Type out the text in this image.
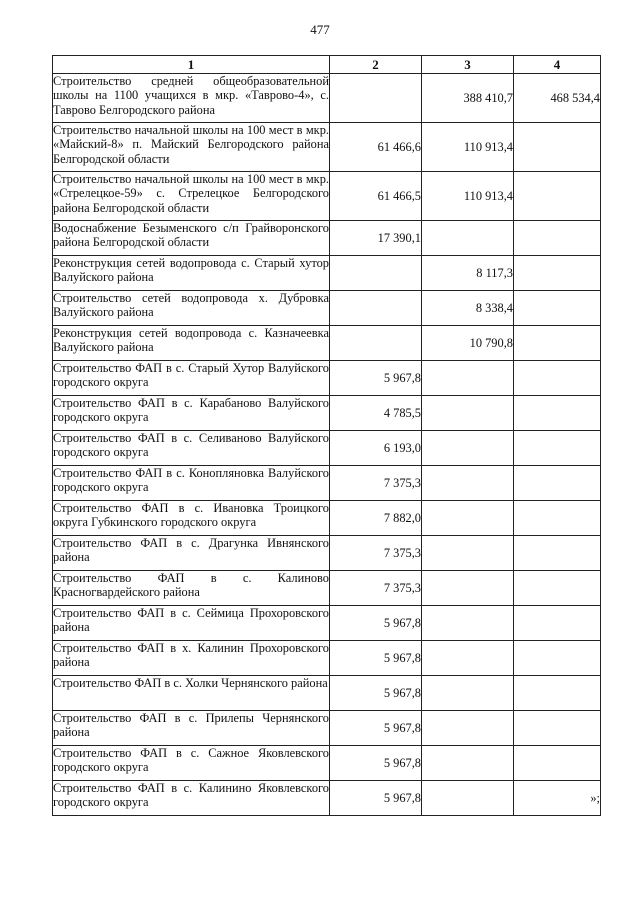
477
1	2	3	4
Строительство средней общеобразовательной школы на 1100 учащихся в мкр. «Таврово-4», с. Таврово Белгородского района		388 410,7	468 534,4
Строительство начальной школы на 100 мест в мкр. «Майский-8» п. Майский Белгородского района Белгородской области	61 466,6	110 913,4	
Строительство начальной школы на 100 мест в мкр. «Стрелецкое-59» с. Стрелецкое Белгородского района Белгородской области	61 466,5	110 913,4	
Водоснабжение Безыменского с/п Грайворонского района Белгородской области	17 390,1		
Реконструкция сетей водопровода с. Старый хутор Валуйского района		8 117,3	
Строительство сетей водопровода х. Дубровка Валуйского района		8 338,4	
Реконструкция сетей водопровода с. Казначеевка Валуйского района		10 790,8	
Строительство ФАП в с. Старый Хутор Валуйского городского округа	5 967,8		
Строительство ФАП в с. Карабаново Валуйского городского округа	4 785,5		
Строительство ФАП в с. Селиваново Валуйского городского округа	6 193,0		
Строительство ФАП в с. Конопляновка Валуйского городского округа	7 375,3		
Строительство ФАП в с. Ивановка Троицкого округа Губкинского городского округа	7 882,0		
Строительство ФАП в с. Драгунка Ивнянского района	7 375,3		
Строительство ФАП в с. Калиново Красногвардейского района	7 375,3		
Строительство ФАП в с. Сеймица Прохоровского района	5 967,8		
Строительство ФАП в х. Калинин Прохоровского района	5 967,8		
Строительство ФАП в с. Холки Чернянского района	5 967,8		
Строительство ФАП в с. Прилепы Чернянского района	5 967,8		
Строительство ФАП в с. Сажное Яковлевского городского округа	5 967,8		
Строительство ФАП в с. Калинино Яковлевского городского округа	5 967,8		»;
